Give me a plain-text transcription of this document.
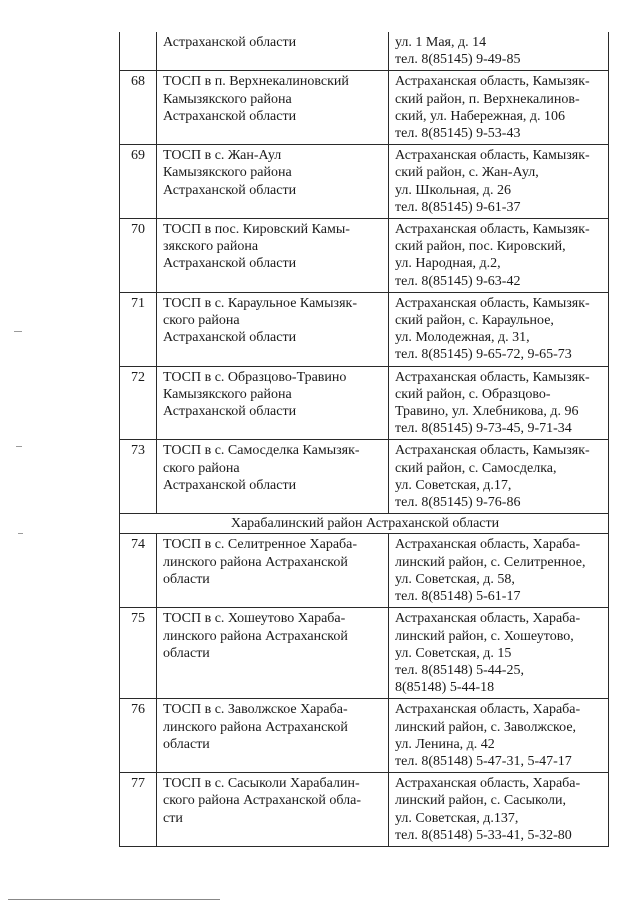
	Астраханской области	ул. 1 Мая, д. 14
тел. 8(85145) 9-49-85
68	ТОСП в п. Верхнекалиновский
Камызякского района
Астраханской области	Астраханская область, Камызяк-
ский район, п. Верхнекалинов-
ский, ул. Набережная, д. 106
тел. 8(85145) 9-53-43
69	ТОСП в с. Жан-Аул
Камызякского района
Астраханской области	Астраханская область, Камызяк-
ский район, с. Жан-Аул,
ул. Школьная, д. 26
тел. 8(85145) 9-61-37
70	ТОСП в пос. Кировский Камы-
зякского района
Астраханской области	Астраханская область, Камызяк-
ский район, пос. Кировский,
ул. Народная, д.2,
тел. 8(85145) 9-63-42
71	ТОСП в с. Караульное Камызяк-
ского района
Астраханской области	Астраханская область, Камызяк-
ский район, с. Караульное,
ул. Молодежная, д. 31,
тел. 8(85145) 9-65-72, 9-65-73
72	ТОСП в с. Образцово-Травино
Камызякского района
Астраханской области	Астраханская область, Камызяк-
ский район, с. Образцово-
Травино, ул. Хлебникова, д. 96
тел. 8(85145) 9-73-45, 9-71-34
73	ТОСП в с. Самосделка Камызяк-
ского района
Астраханской области	Астраханская область, Камызяк-
ский район, с. Самосделка,
ул. Советская, д.17,
тел. 8(85145) 9-76-86
Харабалинский район Астраханской области		
74	ТОСП в с. Селитренное Хараба-
линского района Астраханской
области	Астраханская область, Хараба-
линский район, с. Селитренное,
ул. Советская, д. 58,
тел. 8(85148) 5-61-17
75	ТОСП в с. Хошеутово Хараба-
линского района Астраханской
области	Астраханская область, Хараба-
линский район, с. Хошеутово,
ул. Советская, д. 15
тел. 8(85148) 5-44-25,
8(85148) 5-44-18
76	ТОСП в с. Заволжское Хараба-
линского района Астраханской
области	Астраханская область, Хараба-
линский район, с. Заволжское,
ул. Ленина, д. 42
тел. 8(85148) 5-47-31, 5-47-17
77	ТОСП в с. Сасыколи Харабалин-
ского района Астраханской обла-
сти	Астраханская область, Хараба-
линский район, с. Сасыколи,
ул. Советская, д.137,
тел. 8(85148) 5-33-41, 5-32-80
